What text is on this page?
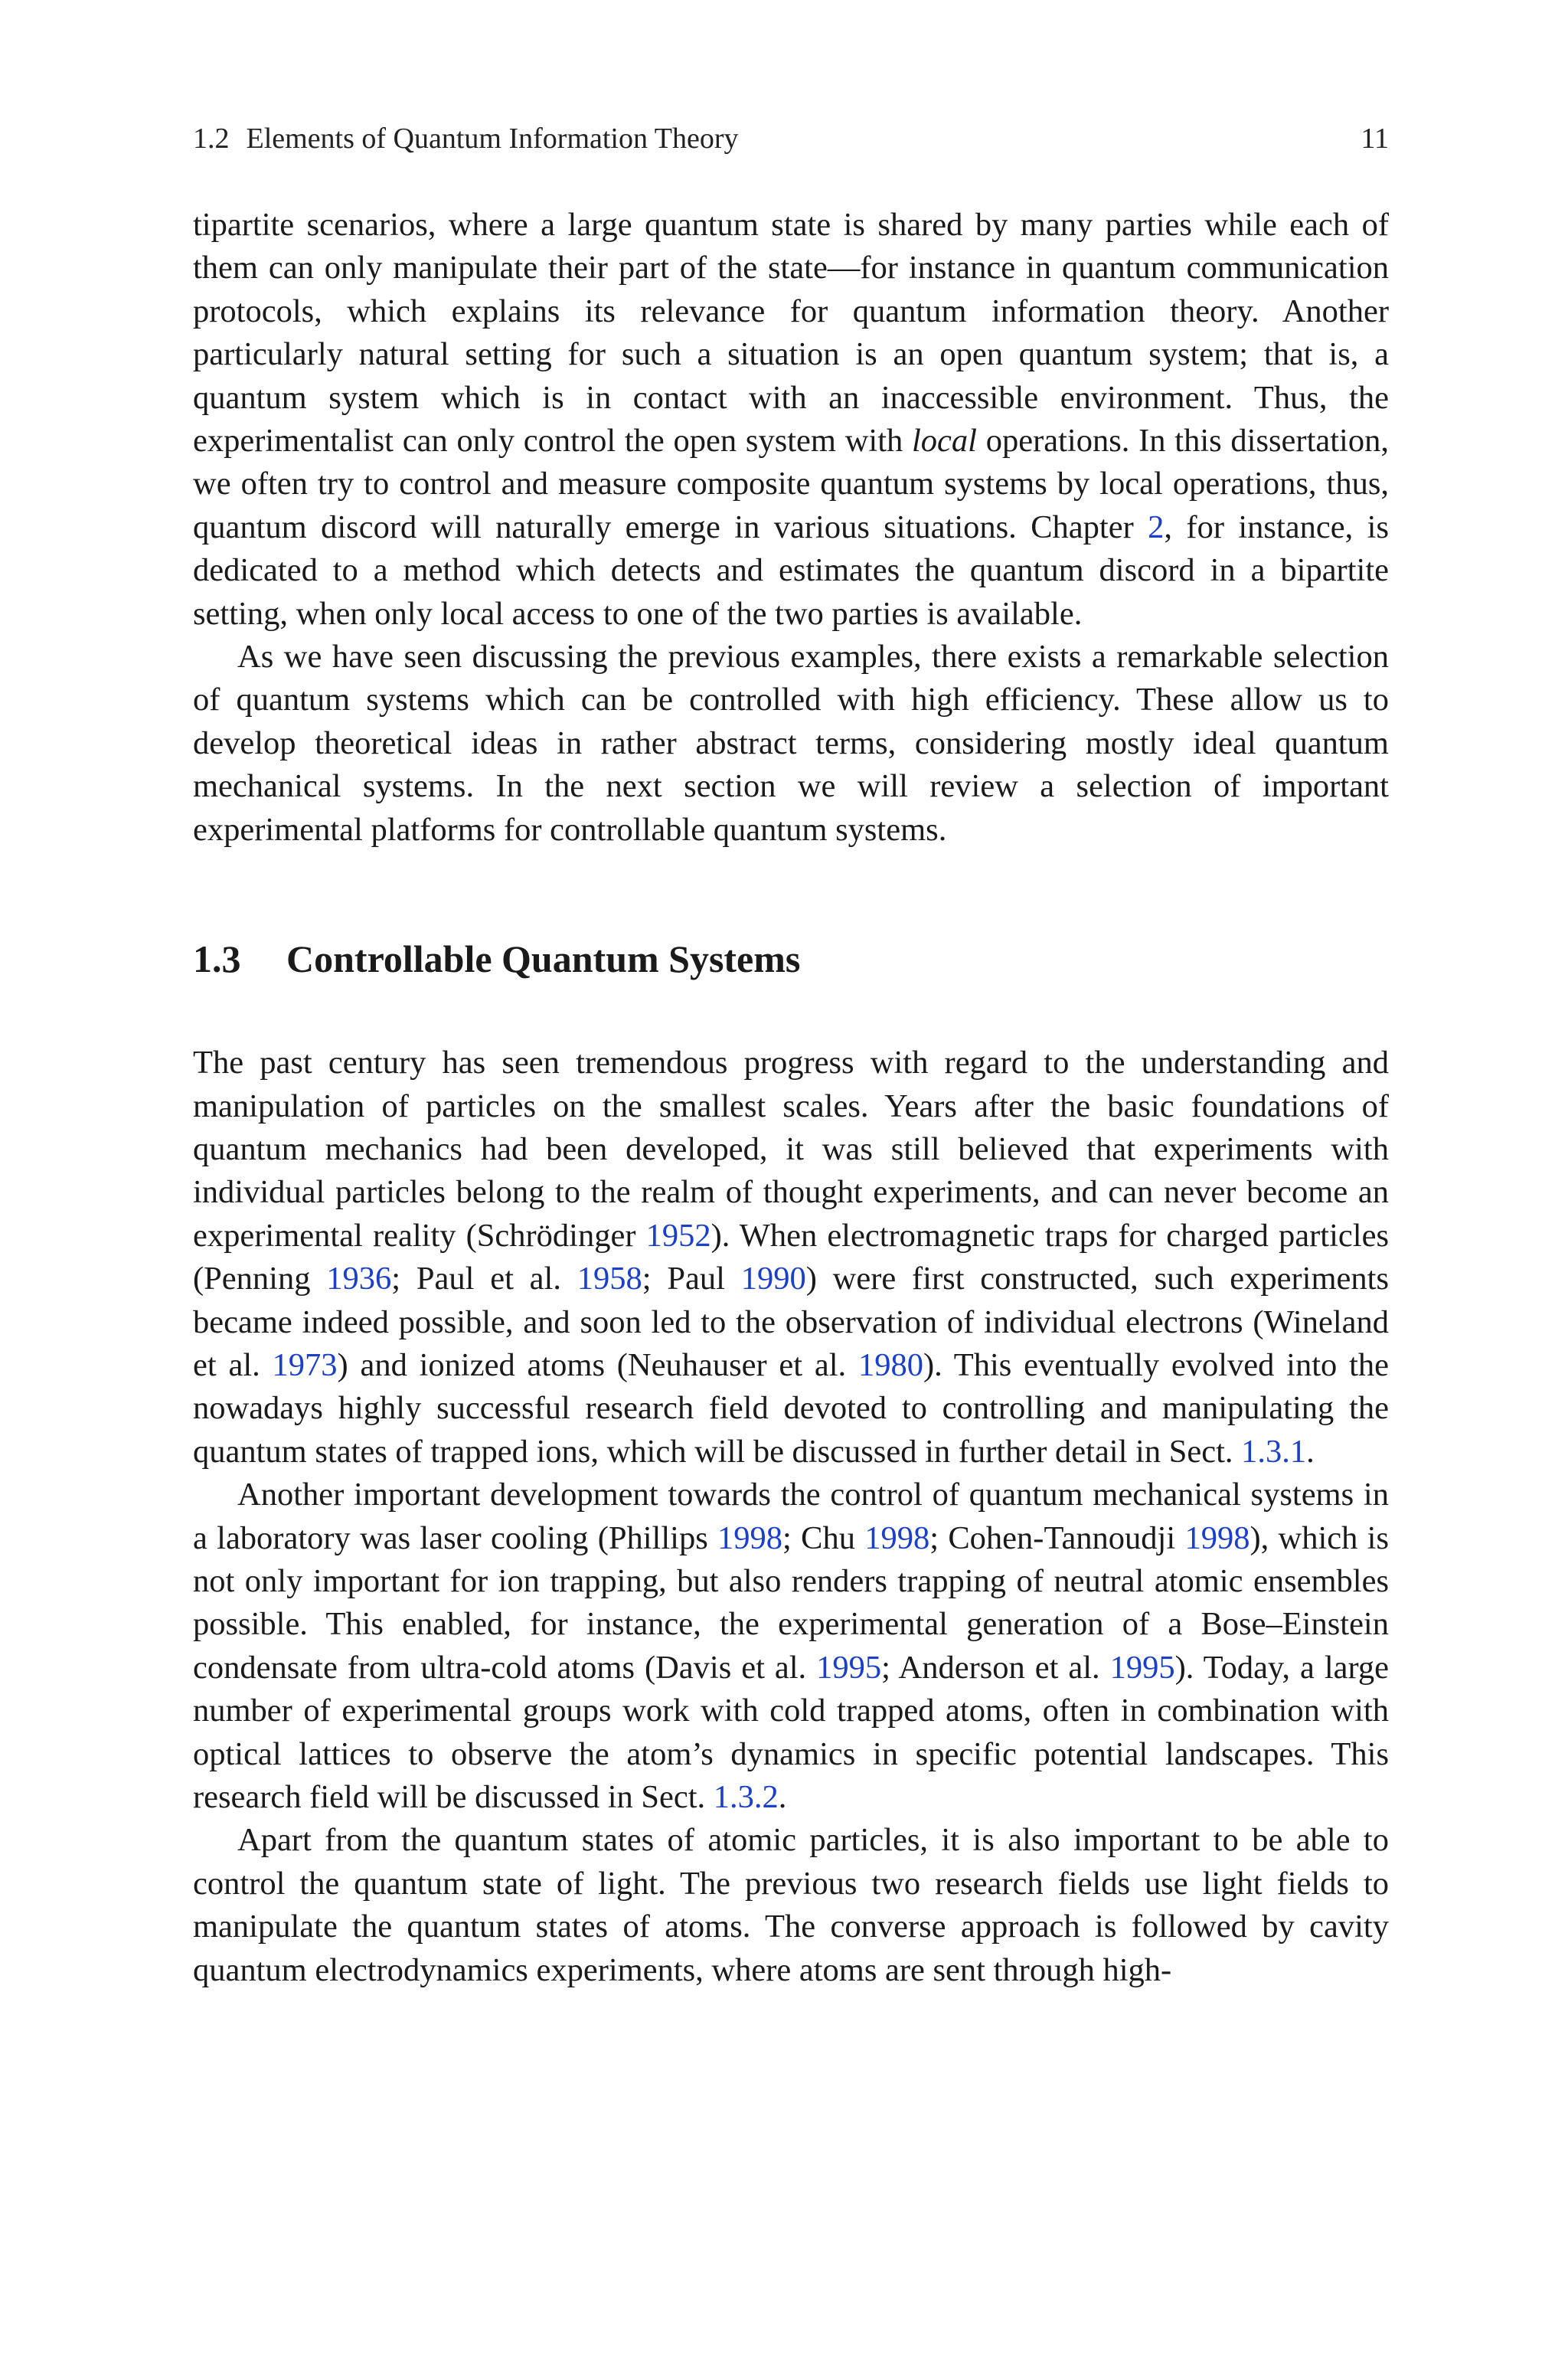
1.2 Elements of Quantum Information Theory	11

tipartite scenarios, where a large quantum state is shared by many parties while each of them can only manipulate their part of the state—for instance in quantum communication protocols, which explains its relevance for quantum information theory. Another particularly natural setting for such a situation is an open quantum system; that is, a quantum system which is in contact with an inaccessible environment. Thus, the experimentalist can only control the open system with local operations. In this dissertation, we often try to control and measure composite quantum systems by local operations, thus, quantum discord will naturally emerge in various situations. Chapter 2, for instance, is dedicated to a method which detects and estimates the quantum discord in a bipartite setting, when only local access to one of the two parties is available.

As we have seen discussing the previous examples, there exists a remarkable selection of quantum systems which can be controlled with high efficiency. These allow us to develop theoretical ideas in rather abstract terms, considering mostly ideal quantum mechanical systems. In the next section we will review a selection of important experimental platforms for controllable quantum systems.

1.3 Controllable Quantum Systems

The past century has seen tremendous progress with regard to the understanding and manipulation of particles on the smallest scales. Years after the basic foundations of quantum mechanics had been developed, it was still believed that experiments with individual particles belong to the realm of thought experiments, and can never become an experimental reality (Schrödinger 1952). When electromagnetic traps for charged particles (Penning 1936; Paul et al. 1958; Paul 1990) were first constructed, such experiments became indeed possible, and soon led to the observation of individual electrons (Wineland et al. 1973) and ionized atoms (Neuhauser et al. 1980). This eventually evolved into the nowadays highly successful research field devoted to controlling and manipulating the quantum states of trapped ions, which will be discussed in further detail in Sect. 1.3.1.

Another important development towards the control of quantum mechanical systems in a laboratory was laser cooling (Phillips 1998; Chu 1998; Cohen-Tannoudji 1998), which is not only important for ion trapping, but also renders trapping of neutral atomic ensembles possible. This enabled, for instance, the experimental generation of a Bose–Einstein condensate from ultra-cold atoms (Davis et al. 1995; Anderson et al. 1995). Today, a large number of experimental groups work with cold trapped atoms, often in combination with optical lattices to observe the atom’s dynamics in specific potential landscapes. This research field will be discussed in Sect. 1.3.2.

Apart from the quantum states of atomic particles, it is also important to be able to control the quantum state of light. The previous two research fields use light fields to manipulate the quantum states of atoms. The converse approach is followed by cavity quantum electrodynamics experiments, where atoms are sent through high-
